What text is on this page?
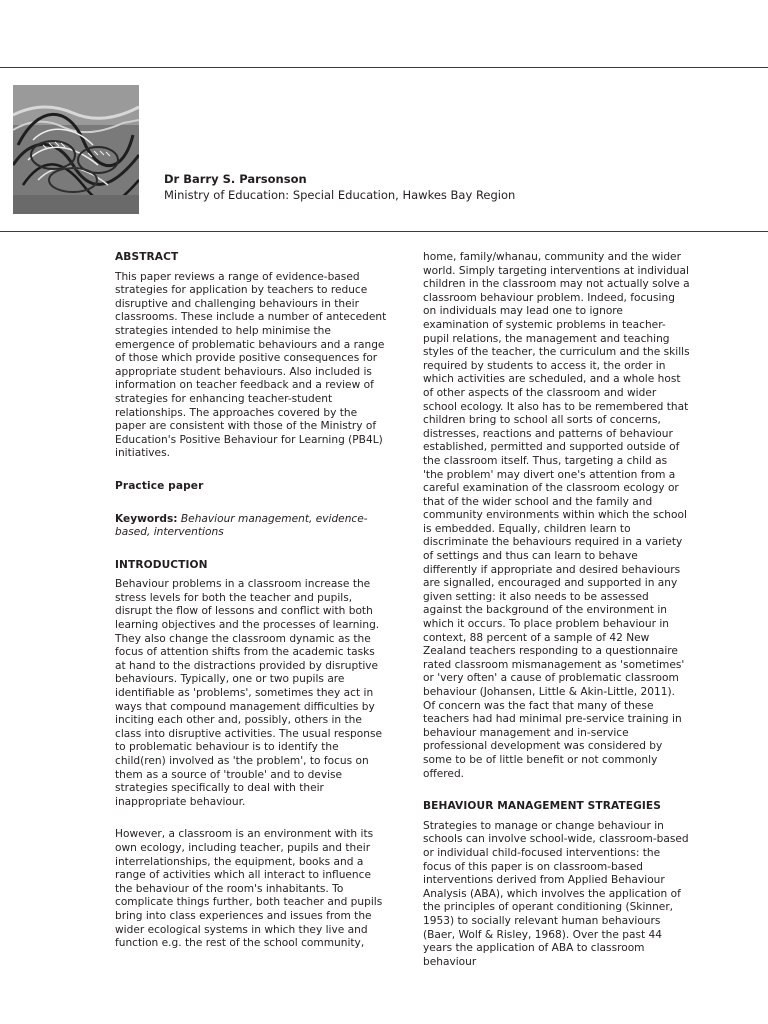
Dr Barry S. Parsonson
Ministry of Education: Special Education, Hawkes Bay Region

ABSTRACT

This paper reviews a range of evidence-based strategies for application by teachers to reduce disruptive and challenging behaviours in their classrooms. These include a number of antecedent strategies intended to help minimise the emergence of problematic behaviours and a range of those which provide positive consequences for appropriate student behaviours. Also included is information on teacher feedback and a review of strategies for enhancing teacher-student relationships. The approaches covered by the paper are consistent with those of the Ministry of Education's Positive Behaviour for Learning (PB4L) initiatives.

Practice paper

Keywords: Behaviour management, evidence-based, interventions

INTRODUCTION

Behaviour problems in a classroom increase the stress levels for both the teacher and pupils, disrupt the flow of lessons and conflict with both learning objectives and the processes of learning. They also change the classroom dynamic as the focus of attention shifts from the academic tasks at hand to the distractions provided by disruptive behaviours. Typically, one or two pupils are identifiable as 'problems', sometimes they act in ways that compound management difficulties by inciting each other and, possibly, others in the class into disruptive activities. The usual response to problematic behaviour is to identify the child(ren) involved as 'the problem', to focus on them as a source of 'trouble' and to devise strategies specifically to deal with their inappropriate behaviour.

However, a classroom is an environment with its own ecology, including teacher, pupils and their interrelationships, the equipment, books and a range of activities which all interact to influence the behaviour of the room's inhabitants. To complicate things further, both teacher and pupils bring into class experiences and issues from the wider ecological systems in which they live and function e.g. the rest of the school community,

home, family/whanau, community and the wider world. Simply targeting interventions at individual children in the classroom may not actually solve a classroom behaviour problem. Indeed, focusing on individuals may lead one to ignore examination of systemic problems in teacher-pupil relations, the management and teaching styles of the teacher, the curriculum and the skills required by students to access it, the order in which activities are scheduled, and a whole host of other aspects of the classroom and wider school ecology. It also has to be remembered that children bring to school all sorts of concerns, distresses, reactions and patterns of behaviour established, permitted and supported outside of the classroom itself. Thus, targeting a child as 'the problem' may divert one's attention from a careful examination of the classroom ecology or that of the wider school and the family and community environments within which the school is embedded. Equally, children learn to discriminate the behaviours required in a variety of settings and thus can learn to behave differently if appropriate and desired behaviours are signalled, encouraged and supported in any given setting: it also needs to be assessed against the background of the environment in which it occurs. To place problem behaviour in context, 88 percent of a sample of 42 New Zealand teachers responding to a questionnaire rated classroom mismanagement as 'sometimes' or 'very often' a cause of problematic classroom behaviour (Johansen, Little & Akin-Little, 2011). Of concern was the fact that many of these teachers had had minimal pre-service training in behaviour management and in-service professional development was considered by some to be of little benefit or not commonly offered.

BEHAVIOUR MANAGEMENT STRATEGIES

Strategies to manage or change behaviour in schools can involve school-wide, classroom-based or individual child-focused interventions: the focus of this paper is on classroom-based interventions derived from Applied Behaviour Analysis (ABA), which involves the application of the principles of operant conditioning (Skinner, 1953) to socially relevant human behaviours (Baer, Wolf & Risley, 1968). Over the past 44 years the application of ABA to classroom behaviour
